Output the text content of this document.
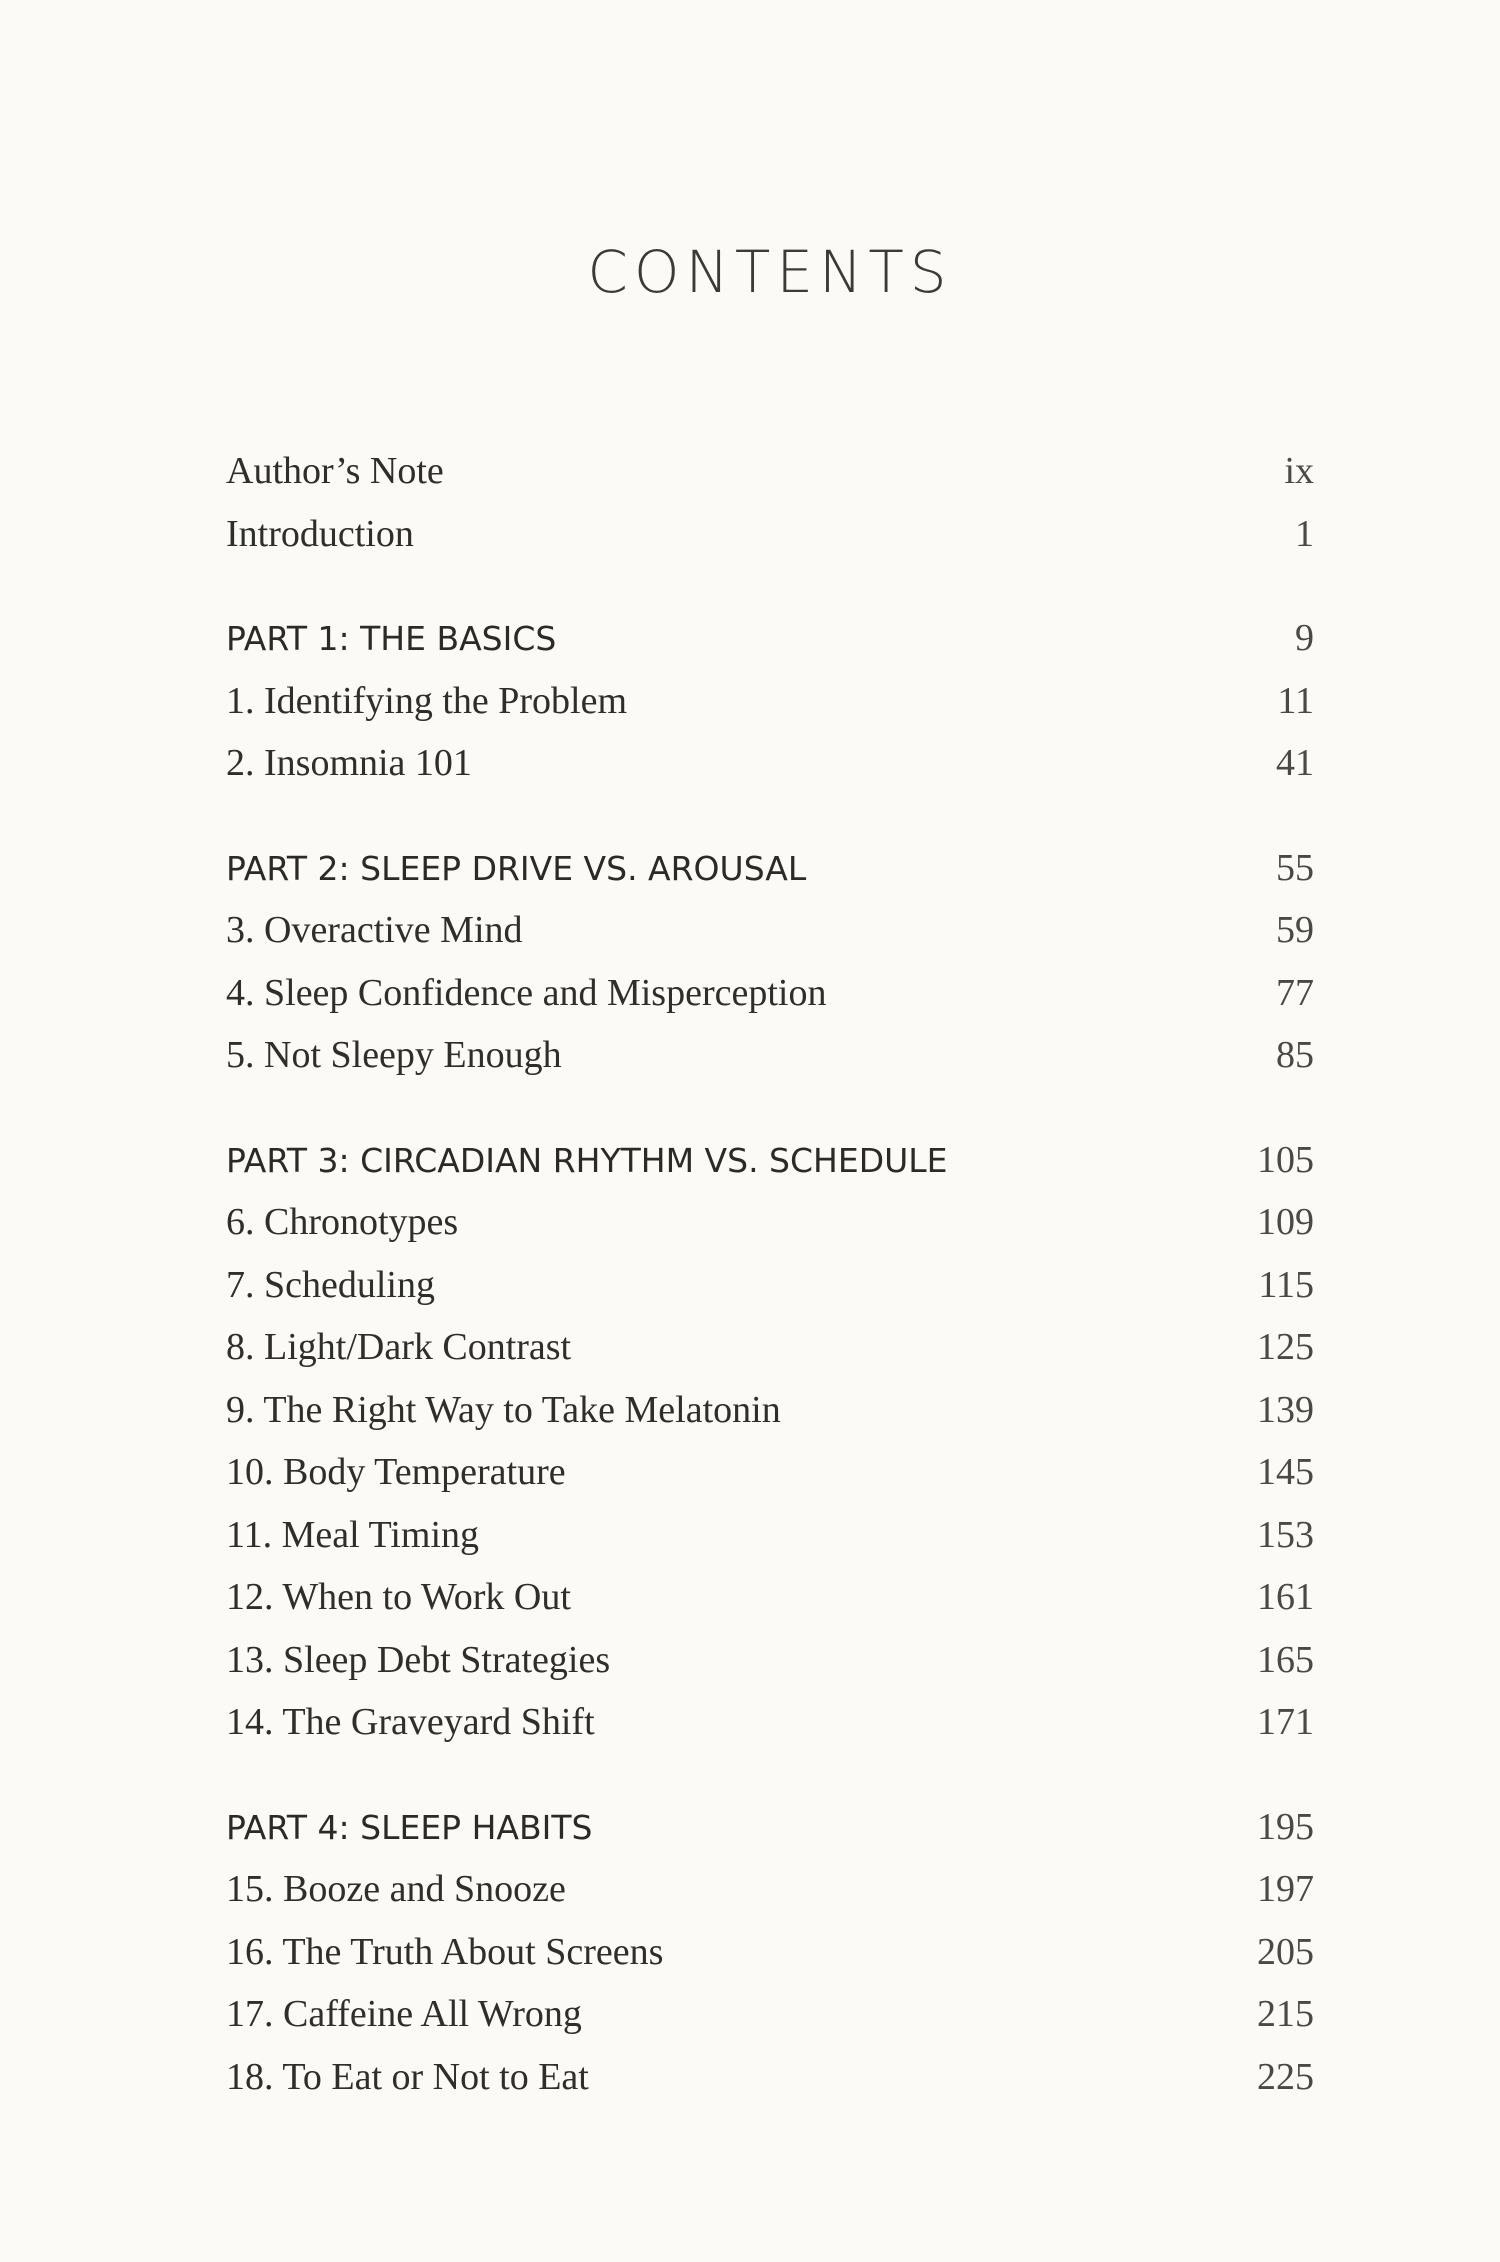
CONTENTS
Author’s Note	ix
Introduction	1
PART 1: THE BASICS	9
1. Identifying the Problem	11
2. Insomnia 101	41
PART 2: SLEEP DRIVE VS. AROUSAL	55
3. Overactive Mind	59
4. Sleep Confidence and Misperception	77
5. Not Sleepy Enough	85
PART 3: CIRCADIAN RHYTHM VS. SCHEDULE	105
6. Chronotypes	109
7. Scheduling	115
8. Light/Dark Contrast	125
9. The Right Way to Take Melatonin	139
10. Body Temperature	145
11. Meal Timing	153
12. When to Work Out	161
13. Sleep Debt Strategies	165
14. The Graveyard Shift	171
PART 4: SLEEP HABITS	195
15. Booze and Snooze	197
16. The Truth About Screens	205
17. Caffeine All Wrong	215
18. To Eat or Not to Eat	225
